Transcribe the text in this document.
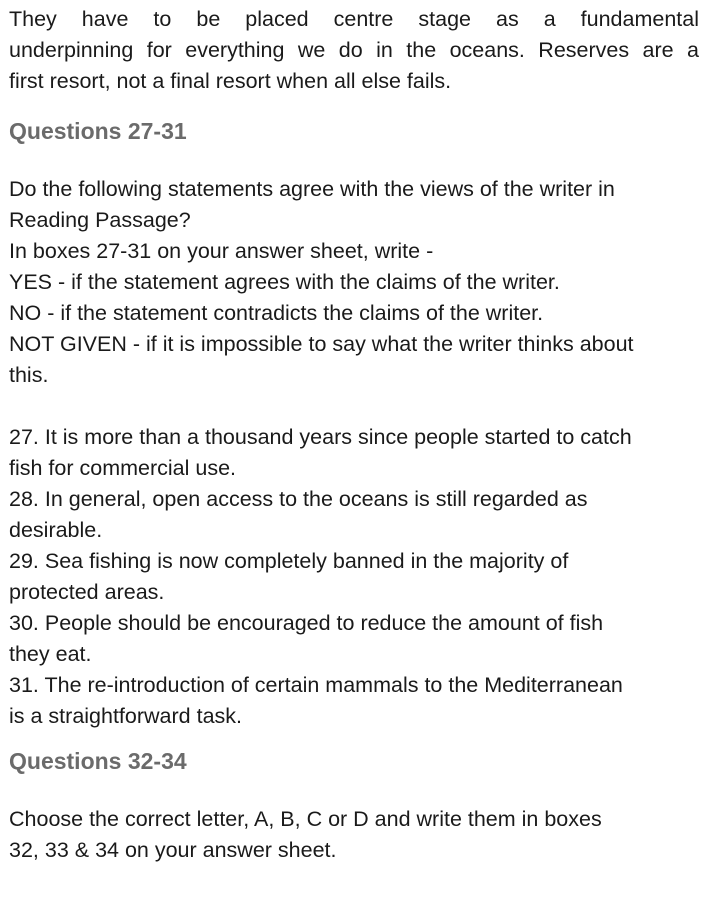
They have to be placed centre stage as a fundamental
underpinning for everything we do in the oceans. Reserves are a
first resort, not a final resort when all else fails.
Questions 27-31
Do the following statements agree with the views of the writer in
Reading Passage?
In boxes 27-31 on your answer sheet, write -
YES - if the statement agrees with the claims of the writer.
NO - if the statement contradicts the claims of the writer.
NOT GIVEN - if it is impossible to say what the writer thinks about
this.
27. It is more than a thousand years since people started to catch
fish for commercial use.
28. In general, open access to the oceans is still regarded as
desirable.
29. Sea fishing is now completely banned in the majority of
protected areas.
30. People should be encouraged to reduce the amount of fish
they eat.
31. The re-introduction of certain mammals to the Mediterranean
is a straightforward task.
Questions 32-34
Choose the correct letter, A, B, C or D and write them in boxes
32, 33 & 34 on your answer sheet.
